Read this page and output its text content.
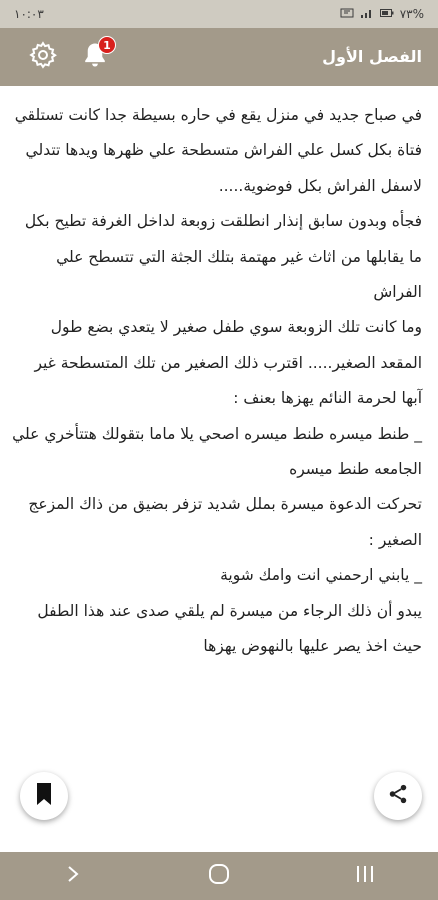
١٠:٠٣	%٧٣
1
الفصل الأول

في صباح جديد في منزل يقع في حاره بسيطة جدا كانت تستلقي فتاة بكل كسل علي الفراش متسطحة علي ظهرها ويدها تتدلي لاسفل الفراش بكل فوضوية.....

فجأه وبدون سابق إنذار انطلقت زوبعة لداخل الغرفة تطيح بكل ما يقابلها من اثاث غير مهتمة بتلك الجثة التي تتسطح علي الفراش

وما كانت تلك الزوبعة سوي طفل صغير لا يتعدي بضع طول المقعد الصغير..... اقترب ذلك الصغير من تلك المتسطحة غير آبها لحرمة النائم يهزها بعنف :

_ طنط ميسره طنط ميسره اصحي يلا ماما بتقولك هتتأخري علي الجامعه طنط ميسره

تحركت الدعوة ميسرة بملل شديد تزفر بضيق من ذاك المزعج الصغير :

_ يابني ارحمني انت وامك شوية

يبدو أن ذلك الرجاء من ميسرة لم يلقي صدى عند هذا الطفل حيث اخذ يصر عليها بالنهوض يهزها
